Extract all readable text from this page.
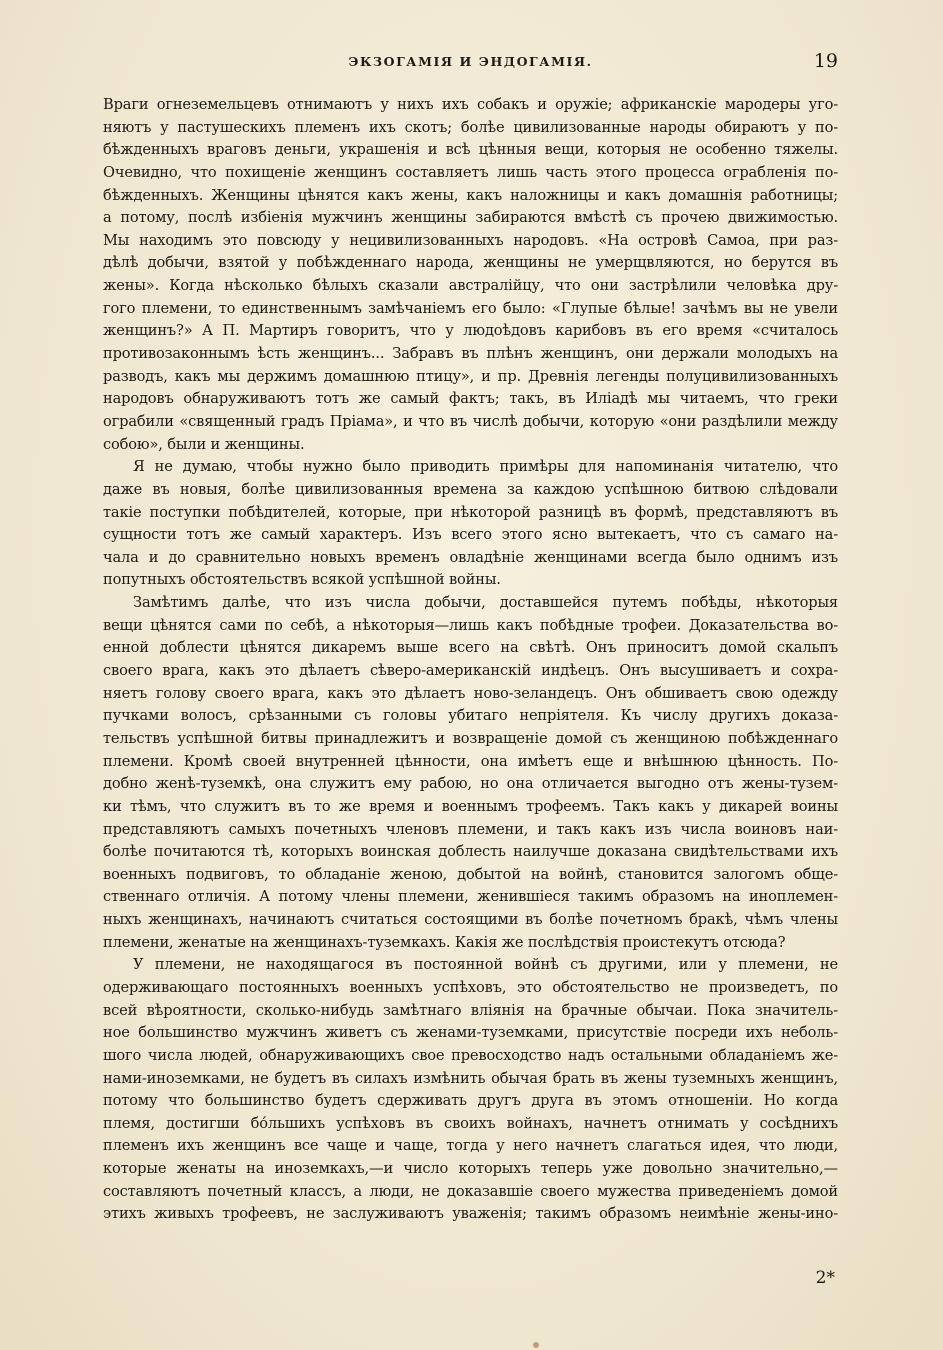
ЭКЗОГАМІЯ И ЭНДОГАМІЯ.	19
Враги огнеземельцевъ отнимаютъ у нихъ ихъ собакъ и оружіе; африканскіе мародеры уго-
няютъ у пастушескихъ племенъ ихъ скотъ; болѣе цивилизованные народы обираютъ у по-
бѣжденныхъ враговъ деньги, украшенія и всѣ цѣнныя вещи, которыя не особенно тяжелы.
Очевидно, что похищеніе женщинъ составляетъ лишь часть этого процесса ограбленія по-
бѣжденныхъ. Женщины цѣнятся какъ жены, какъ наложницы и какъ домашнія работницы;
а потому, послѣ избіенія мужчинъ женщины забираются вмѣстѣ съ прочею движимостью.
Мы находимъ это повсюду у нецивилизованныхъ народовъ. «На островѣ Самоа, при раз-
дѣлѣ добычи, взятой у побѣжденнаго народа, женщины не умерщвляются, но берутся въ
жены». Когда нѣсколько бѣлыхъ сказали австралійцу, что они застрѣлили человѣка дру-
гого племени, то единственнымъ замѣчаніемъ его было: «Глупые бѣлые! зачѣмъ вы не увели
женщинъ?» А П. Мартиръ говоритъ, что у людоѣдовъ карибовъ въ его время «считалось
противозаконнымъ ѣсть женщинъ... Забравъ въ плѣнъ женщинъ, они держали молодыхъ на
разводъ, какъ мы держимъ домашнюю птицу», и пр. Древнія легенды полуцивилизованныхъ
народовъ обнаруживаютъ тотъ же самый фактъ; такъ, въ Иліадѣ мы читаемъ, что греки
ограбили «священный градъ Пріама», и что въ числѣ добычи, которую «они раздѣлили между
собою», были и женщины.
Я не думаю, чтобы нужно было приводить примѣры для напоминанія читателю, что
даже въ новыя, болѣе цивилизованныя времена за каждою успѣшною битвою слѣдовали
такіе поступки побѣдителей, которые, при нѣкоторой разницѣ въ формѣ, представляютъ въ
сущности тотъ же самый характеръ. Изъ всего этого ясно вытекаетъ, что съ самаго на-
чала и до сравнительно новыхъ временъ овладѣніе женщинами всегда было однимъ изъ
попутныхъ обстоятельствъ всякой успѣшной войны.
Замѣтимъ далѣе, что изъ числа добычи, доставшейся путемъ побѣды, нѣкоторыя
вещи цѣнятся сами по себѣ, а нѣкоторыя—лишь какъ побѣдные трофеи. Доказательства во-
енной доблести цѣнятся дикаремъ выше всего на свѣтѣ. Онъ приноситъ домой скальпъ
своего врага, какъ это дѣлаетъ сѣверо-американскій индѣецъ. Онъ высушиваетъ и сохра-
няетъ голову своего врага, какъ это дѣлаетъ ново-зеландецъ. Онъ обшиваетъ свою одежду
пучками волосъ, срѣзанными съ головы убитаго непріятеля. Къ числу другихъ доказа-
тельствъ успѣшной битвы принадлежитъ и возвращеніе домой съ женщиною побѣжденнаго
племени. Кромѣ своей внутренней цѣнности, она имѣетъ еще и внѣшнюю цѣнность. По-
добно женѣ-туземкѣ, она служитъ ему рабою, но она отличается выгодно отъ жены-тузем-
ки тѣмъ, что служитъ въ то же время и военнымъ трофеемъ. Такъ какъ у дикарей воины
представляютъ самыхъ почетныхъ членовъ племени, и такъ какъ изъ числа воиновъ наи-
болѣе почитаются тѣ, которыхъ воинская доблесть наилучше доказана свидѣтельствами ихъ
военныхъ подвиговъ, то обладаніе женою, добытой на войнѣ, становится залогомъ обще-
ственнаго отличія. А потому члены племени, женившіеся такимъ образомъ на иноплемен-
ныхъ женщинахъ, начинаютъ считаться состоящими въ болѣе почетномъ бракѣ, чѣмъ члены
племени, женатые на женщинахъ-туземкахъ. Какія же послѣдствія проистекутъ отсюда?
У племени, не находящагося въ постоянной войнѣ съ другими, или у племени, не
одерживающаго постоянныхъ военныхъ успѣховъ, это обстоятельство не произведетъ, по
всей вѣроятности, сколько-нибудь замѣтнаго вліянія на брачные обычаи. Пока значитель-
ное большинство мужчинъ живетъ съ женами-туземками, присутствіе посреди ихъ неболь-
шого числа людей, обнаруживающихъ свое превосходство надъ остальными обладаніемъ же-
нами-иноземками, не будетъ въ силахъ измѣнить обычая брать въ жены туземныхъ женщинъ,
потому что большинство будетъ сдерживать другъ друга въ этомъ отношеніи. Но когда
племя, достигши бо́льшихъ успѣховъ въ своихъ войнахъ, начнетъ отнимать у сосѣднихъ
племенъ ихъ женщинъ все чаще и чаще, тогда у него начнетъ слагаться идея, что люди,
которые женаты на иноземкахъ,—и число которыхъ теперь уже довольно значительно,—
составляютъ почетный классъ, а люди, не доказавшіе своего мужества приведеніемъ домой
этихъ живыхъ трофеевъ, не заслуживаютъ уваженія; такимъ образомъ неимѣніе жены-ино-
2*
